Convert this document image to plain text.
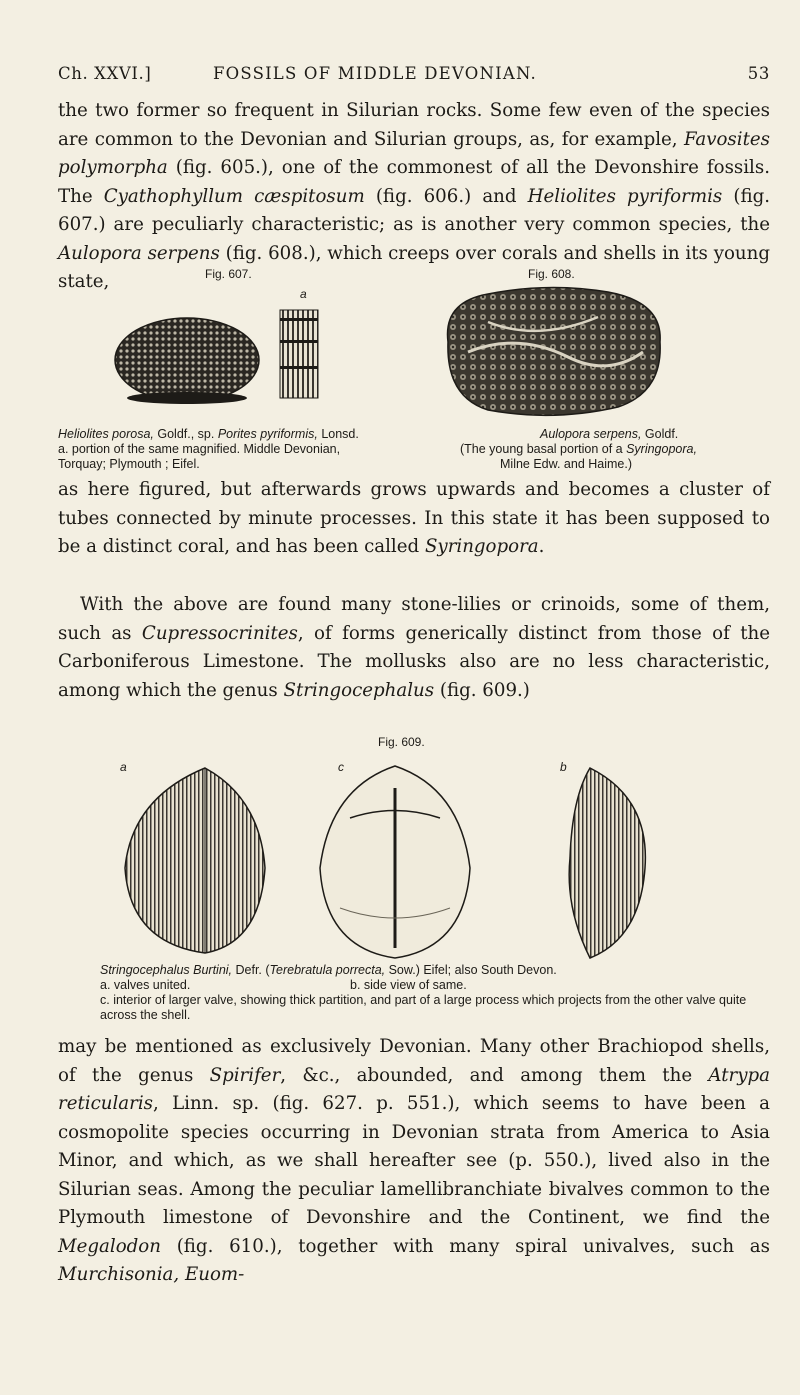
Ch. XXVI.]	FOSSILS OF MIDDLE DEVONIAN.	53

the two former so frequent in Silurian rocks. Some few even of the species are common to the Devonian and Silurian groups, as, for example, Favosites polymorpha (fig. 605.), one of the commonest of all the Devonshire fossils. The Cyathophyllum cæspitosum (fig. 606.) and Heliolites pyriformis (fig. 607.) are peculiarly characteristic; as is another very common species, the Aulopora serpens (fig. 608.), which creeps over corals and shells in its young state,	Fig. 607.
a
Heliolites porosa, Goldf., sp. Porites pyriformis, Lonsd.
a. portion of the same magnified. Middle Devonian, Torquay; Plymouth ; Eifel.
Fig. 608.
Aulopora serpens, Goldf.
(The young basal portion of a Syringopora,
Milne Edw. and Haime.)

as here figured, but afterwards grows upwards and becomes a cluster of tubes connected by minute processes. In this state it has been supposed to be a distinct coral, and has been called Syringopora.

With the above are found many stone-lilies or crinoids, some of them, such as Cupressocrinites, of forms generically distinct from those of the Carboniferous Limestone. The mollusks also are no less characteristic, among which the genus Stringocephalus (fig. 609.)

Fig. 609.
a	c	b
Stringocephalus Burtini, Defr. (Terebratula porrecta, Sow.) Eifel; also South Devon.
a. valves united.	b. side view of same.
c. interior of larger valve, showing thick partition, and part of a large process which projects from the other valve quite across the shell.

may be mentioned as exclusively Devonian. Many other Brachiopod shells, of the genus Spirifer, &c., abounded, and among them the Atrypa reticularis, Linn. sp. (fig. 627. p. 551.), which seems to have been a cosmopolite species occurring in Devonian strata from America to Asia Minor, and which, as we shall hereafter see (p. 550.), lived also in the Silurian seas. Among the peculiar lamellibranchiate bivalves common to the Plymouth limestone of Devonshire and the Continent, we find the Megalodon (fig. 610.), together with many spiral univalves, such as Murchisonia, Euom-
